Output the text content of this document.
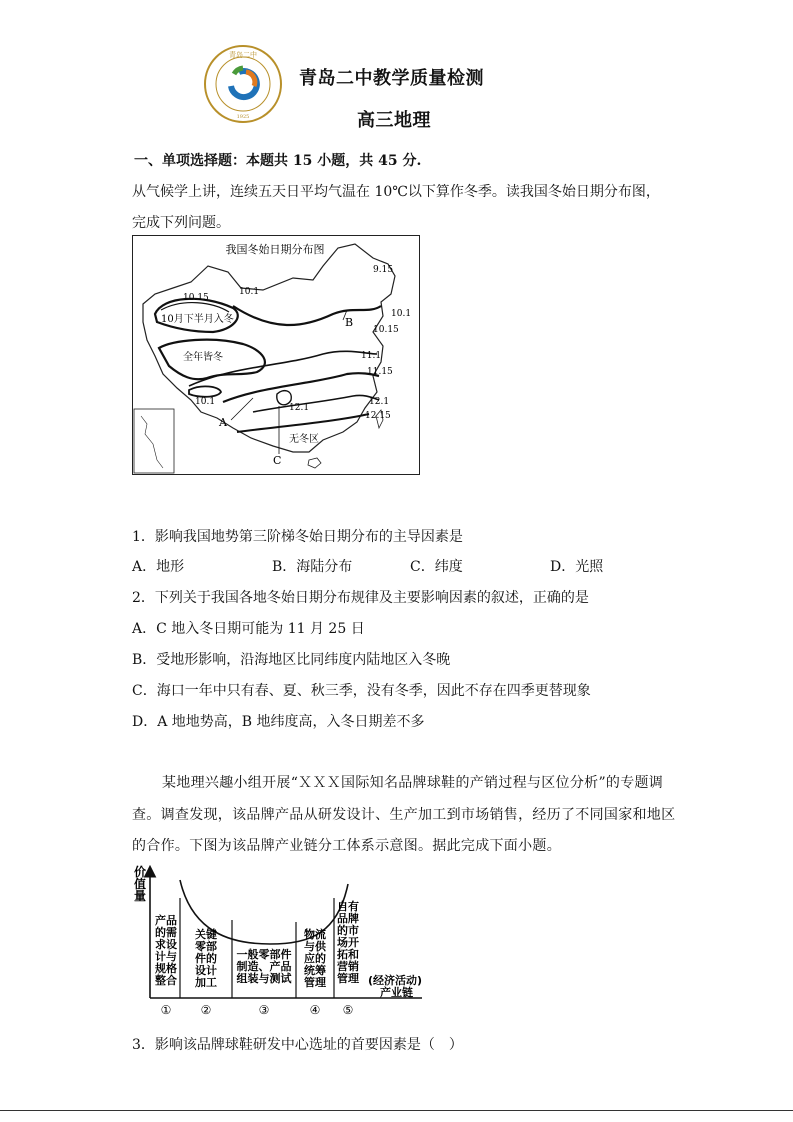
青岛二中
1925
青岛二中教学质量检测
高三地理
一、单项选择题：本题共 15 小题，共 45 分.
从气候学上讲，连续五天日平均气温在 10℃以下算作冬季。读我国冬始日期分布图，
完成下列问题。
我国冬始日期分布图
10.15
10.1
9.15
10.1
10.15
11.1
11.15
12.1
12.15
10.1
12.1
10月下半月入冬
全年皆冬
无冬区
A
B
C
1．影响我国地势第三阶梯冬始日期分布的主导因素是
A．地形	B．海陆分布	C．纬度	D．光照
2．下列关于我国各地冬始日期分布规律及主要影响因素的叙述，正确的是
A．C 地入冬日期可能为 11 月 25 日
B．受地形影响，沿海地区比同纬度内陆地区入冬晚
C．海口一年中只有春、夏、秋三季，没有冬季，因此不存在四季更替现象
D．A 地地势高，B 地纬度高，入冬日期差不多
某地理兴趣小组开展“ＸＸＸ国际知名品牌球鞋的产销过程与区位分析”的专题调
查。调查发现，该品牌产品从研发设计、生产加工到市场销售，经历了不同国家和地区
的合作。下图为该品牌产业链分工体系示意图。据此完成下面小题。
价
值
量
产品
的需
求设
计与
规格
整合
①
关键
零部
件的
设计
加工
②
一般零部件
制造、产品
组装与测试
③
物流
与供
应的
统筹
管理
④
自有
品牌
的市
场开
拓和
营销
管理
⑤
(经济活动)
产业链
3．影响该品牌球鞋研发中心选址的首要因素是（　）
